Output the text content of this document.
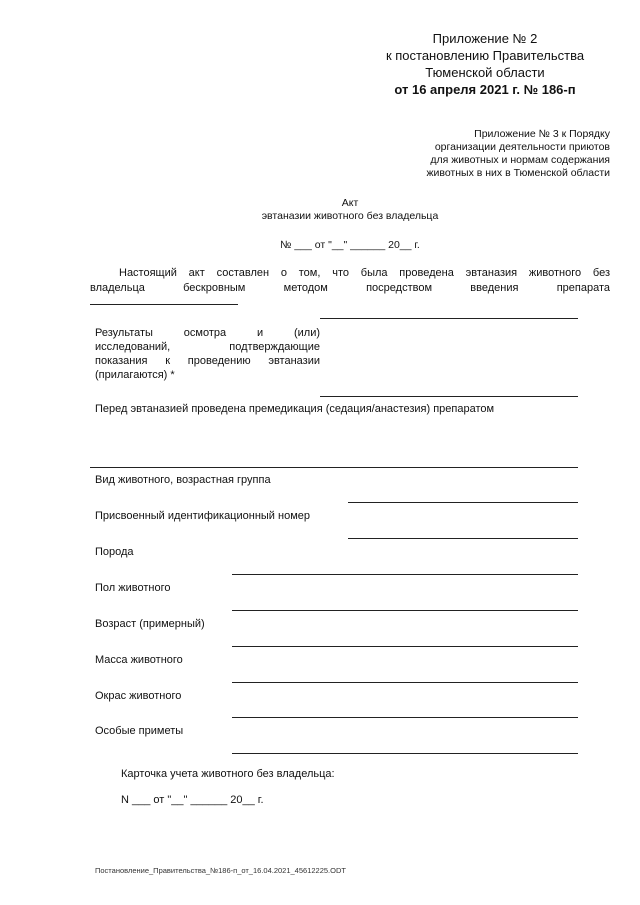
Приложение № 2
к постановлению Правительства
Тюменской области
от 16 апреля 2021 г. № 186-п
Приложение № 3 к Порядку
организации деятельности приютов
для животных и нормам содержания
животных в них в Тюменской области
Акт
эвтаназии животного без владельца
№ ___ от "__" ______ 20__ г.
Настоящий акт составлен о том, что была проведена эвтаназия животного без
владельца бескровным методом посредством введения препарата
Результаты осмотра и (или)
исследований, подтверждающие
показания к проведению эвтаназии
(прилагаются) *
Перед эвтаназией проведена премедикация (седация/анастезия) препаратом
Вид животного, возрастная группа
Присвоенный идентификационный номер
Порода
Пол животного
Возраст (примерный)
Масса животного
Окрас животного
Особые приметы
Карточка учета животного без владельца:
N ___ от "__" ______ 20__ г.
Постановление_Правительства_№186-п_от_16.04.2021_45612225.ODT
